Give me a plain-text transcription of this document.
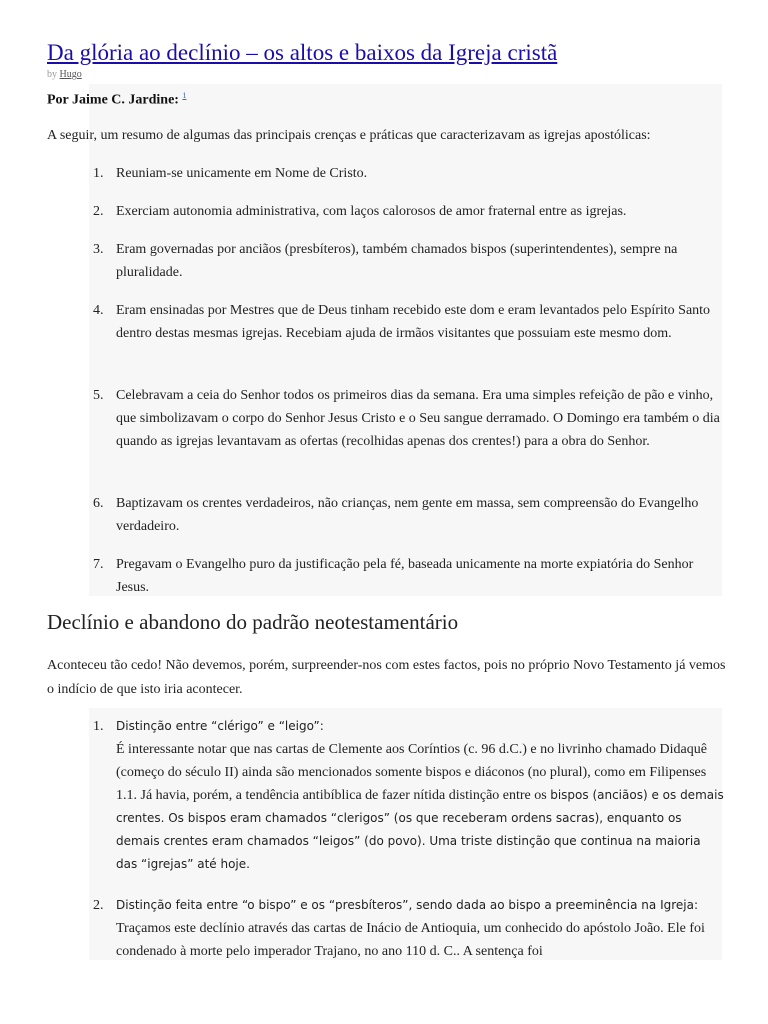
Da glória ao declínio – os altos e baixos da Igreja cristã
by Hugo
Por Jaime C. Jardine: $^1$

A seguir, um resumo de algumas das principais crenças e práticas que caracterizavam as igrejas apostólicas:

1. Reuniam-se unicamente em Nome de Cristo.
2. Exerciam autonomia administrativa, com laços calorosos de amor fraternal entre as igrejas.
3. Eram governadas por anciãos (presbíteros), também chamados bispos (superintendentes), sempre na pluralidade.
4. Eram ensinadas por Mestres que de Deus tinham recebido este dom e eram levantados pelo Espírito Santo dentro destas mesmas igrejas. Recebiam ajuda de irmãos visitantes que possuiam este mesmo dom.
5. Celebravam a ceia do Senhor todos os primeiros dias da semana. Era uma simples refeição de pão e vinho, que simbolizavam o corpo do Senhor Jesus Cristo e o Seu sangue derramado. O Domingo era também o dia quando as igrejas levantavam as ofertas (recolhidas apenas dos crentes!) para a obra do Senhor.
6. Baptizavam os crentes verdadeiros, não crianças, nem gente em massa, sem compreensão do Evangelho verdadeiro.
7. Pregavam o Evangelho puro da justificação pela fé, baseada unicamente na morte expiatória do Senhor Jesus.
Declínio e abandono do padrão neotestamentário

Aconteceu tão cedo! Não devemos, porém, surpreender-nos com estes factos, pois no próprio Novo Testamento já vemos o indício de que isto iria acontecer.

1. Distinção entre “clérigo” e “leigo”:
É interessante notar que nas cartas de Clemente aos Coríntios (c. 96 d.C.) e no livrinho chamado Didaquê (começo do século II) ainda são mencionados somente bispos e diáconos (no plural), como em Filipenses 1.1. Já havia, porém, a tendência antibíblica de fazer nítida distinção entre os bispos (anciãos) e os demais crentes. Os bispos eram chamados “clerigos” (os que receberam ordens sacras), enquanto os demais crentes eram chamados “leigos” (do povo). Uma triste distinção que continua na maioria das “igrejas” até hoje.
2. Distinção feita entre “o bispo” e os “presbíteros”, sendo dada ao bispo a preeminência na Igreja:
Traçamos este declínio através das cartas de Inácio de Antioquia, um conhecido do apóstolo João. Ele foi condenado à morte pelo imperador Trajano, no ano 110 d. C.. A sentença foi
